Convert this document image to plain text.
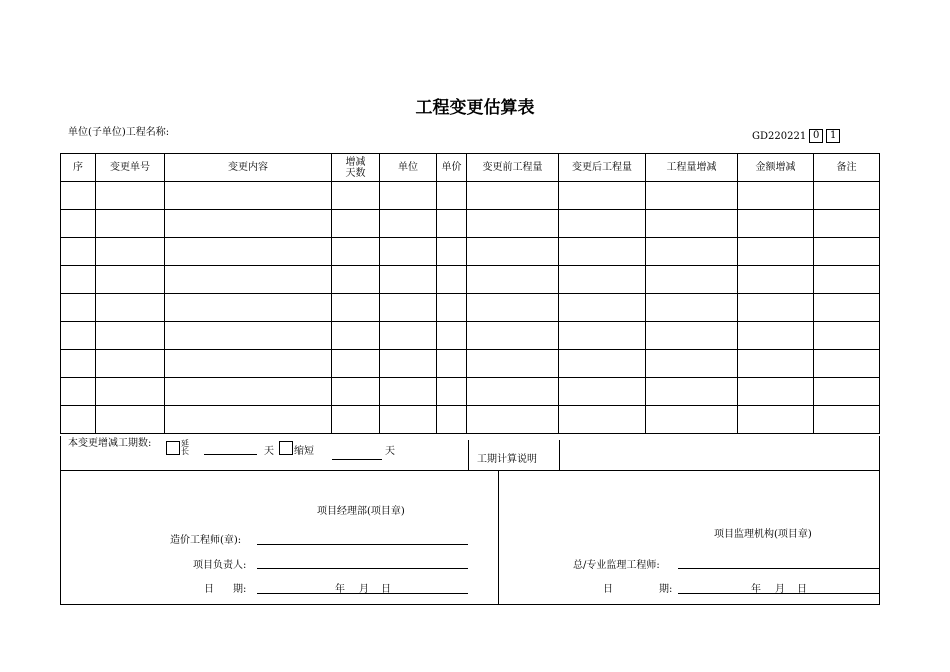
工程变更估算表
单位(子单位)工程名称:	GD220221 0	1
序	变更单号	变更内容	增减天数	单位	单价	变更前工程量	变更后工程量	工程量增减	金额增减	备注

本变更增减工期数:	延长	天 缩短	天
工期计算说明
项目经理部(项目章)
造价工程师(章):
项目负责人:
日 期:	年 月 日
项目监理机构(项目章)
总/专业监理工程师:
日	期:	年 月 日
